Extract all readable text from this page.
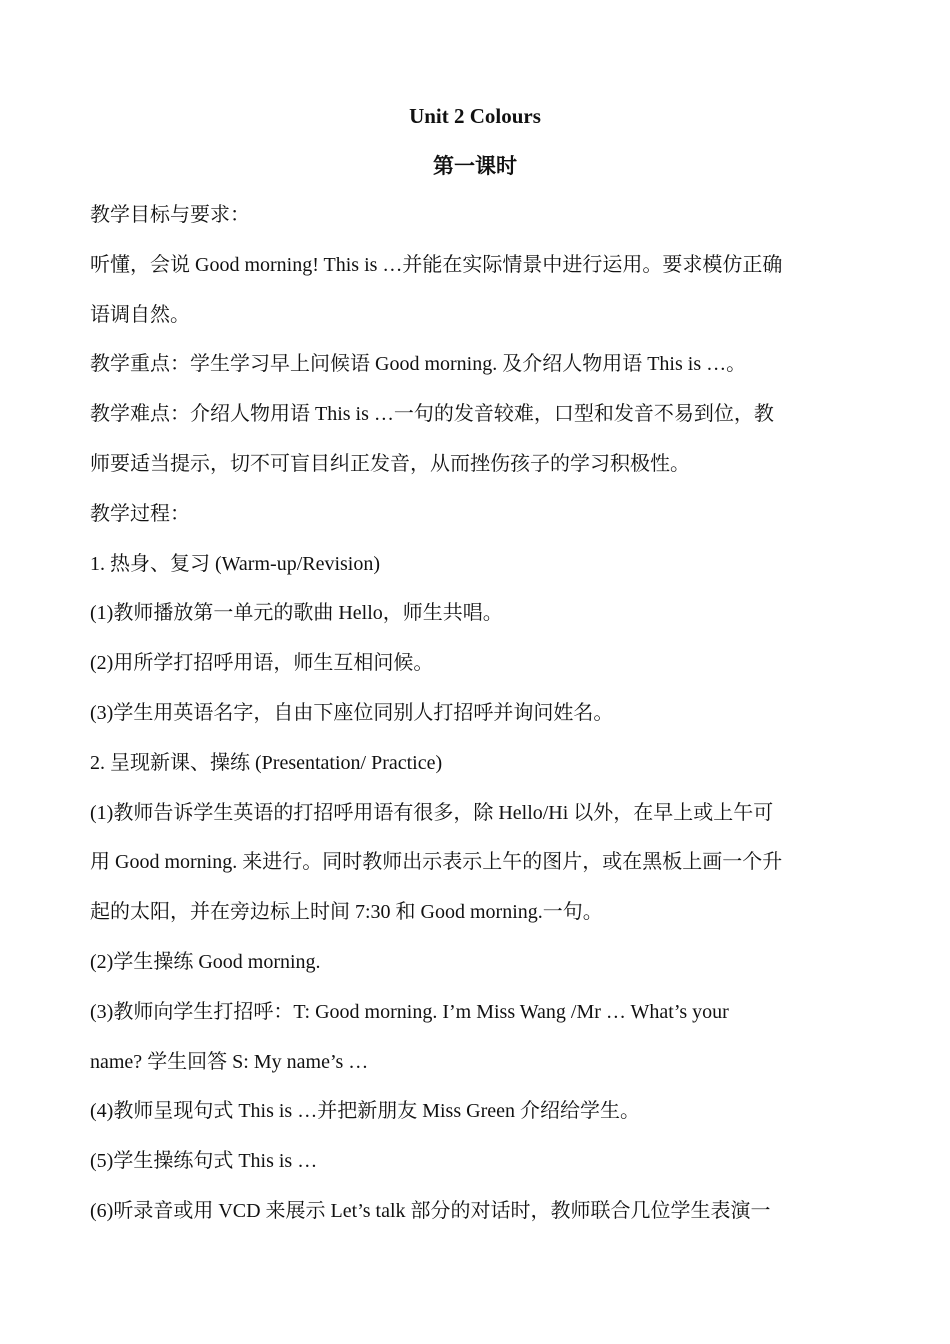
Unit 2 Colours
第一课时
教学目标与要求：
听懂，会说 Good morning! This is …并能在实际情景中进行运用。要求模仿正确
语调自然。
教学重点：学生学习早上问候语 Good morning. 及介绍人物用语 This is …。
教学难点：介绍人物用语 This is …一句的发音较难，口型和发音不易到位，教
师要适当提示，切不可盲目纠正发音，从而挫伤孩子的学习积极性。
教学过程：
1. 热身、复习 (Warm-up/Revision)
(1)教师播放第一单元的歌曲 Hello，师生共唱。
(2)用所学打招呼用语，师生互相问候。
(3)学生用英语名字，自由下座位同别人打招呼并询问姓名。
2. 呈现新课、操练 (Presentation/ Practice)
(1)教师告诉学生英语的打招呼用语有很多，除 Hello/Hi 以外，在早上或上午可
用 Good morning. 来进行。同时教师出示表示上午的图片，或在黑板上画一个升
起的太阳，并在旁边标上时间 7:30 和 Good morning.一句。
(2)学生操练 Good morning.
(3)教师向学生打招呼：T: Good morning. I’m Miss Wang /Mr … What’s your
name? 学生回答 S: My name’s …
(4)教师呈现句式 This is …并把新朋友 Miss Green 介绍给学生。
(5)学生操练句式 This is …
(6)听录音或用 VCD 来展示 Let’s talk 部分的对话时，教师联合几位学生表演一
